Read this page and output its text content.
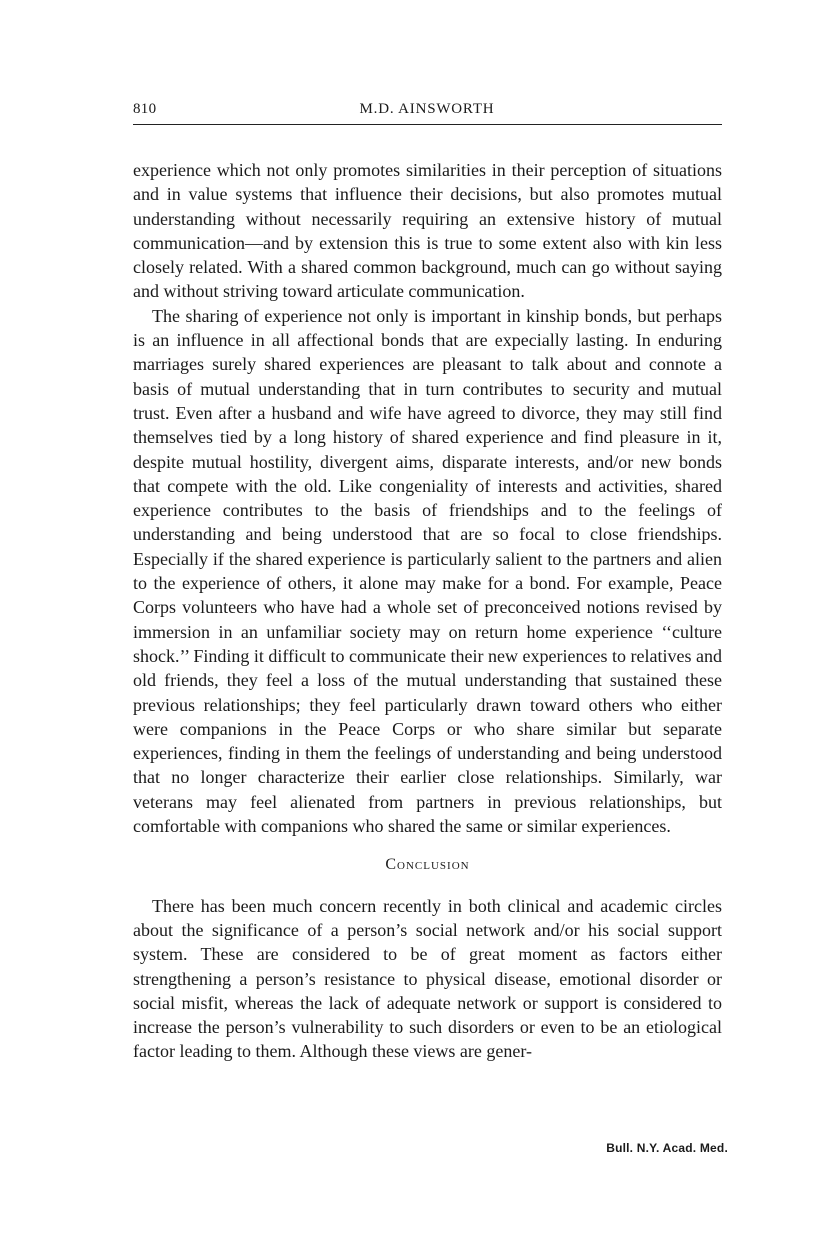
810	M.D. AINSWORTH

experience which not only promotes similarities in their perception of situations and in value systems that influence their decisions, but also promotes mutual understanding without necessarily requiring an extensive history of mutual communication—and by extension this is true to some extent also with kin less closely related. With a shared common background, much can go without saying and without striving toward articulate communication.

The sharing of experience not only is important in kinship bonds, but perhaps is an influence in all affectional bonds that are expecially lasting. In enduring marriages surely shared experiences are pleasant to talk about and connote a basis of mutual understanding that in turn contributes to security and mutual trust. Even after a husband and wife have agreed to divorce, they may still find themselves tied by a long history of shared experience and find pleasure in it, despite mutual hostility, divergent aims, disparate interests, and/or new bonds that compete with the old. Like congeniality of interests and activities, shared experience contributes to the basis of friendships and to the feelings of understanding and being understood that are so focal to close friendships. Especially if the shared experience is particularly salient to the partners and alien to the experience of others, it alone may make for a bond. For example, Peace Corps volunteers who have had a whole set of preconceived notions revised by immersion in an unfamiliar society may on return home experience ‘‘culture shock.’’ Finding it difficult to communicate their new experiences to relatives and old friends, they feel a loss of the mutual understanding that sustained these previous relationships; they feel particularly drawn toward others who either were companions in the Peace Corps or who share similar but separate experiences, finding in them the feelings of understanding and being understood that no longer characterize their earlier close relationships. Similarly, war veterans may feel alienated from partners in previous relationships, but comfortable with companions who shared the same or similar experiences.

Conclusion

There has been much concern recently in both clinical and academic circles about the significance of a person’s social network and/or his social support system. These are considered to be of great moment as factors either strengthening a person’s resistance to physical disease, emotional disorder or social misfit, whereas the lack of adequate network or support is considered to increase the person’s vulnerability to such disorders or even to be an etiological factor leading to them. Although these views are gener-

Bull. N.Y. Acad. Med.
